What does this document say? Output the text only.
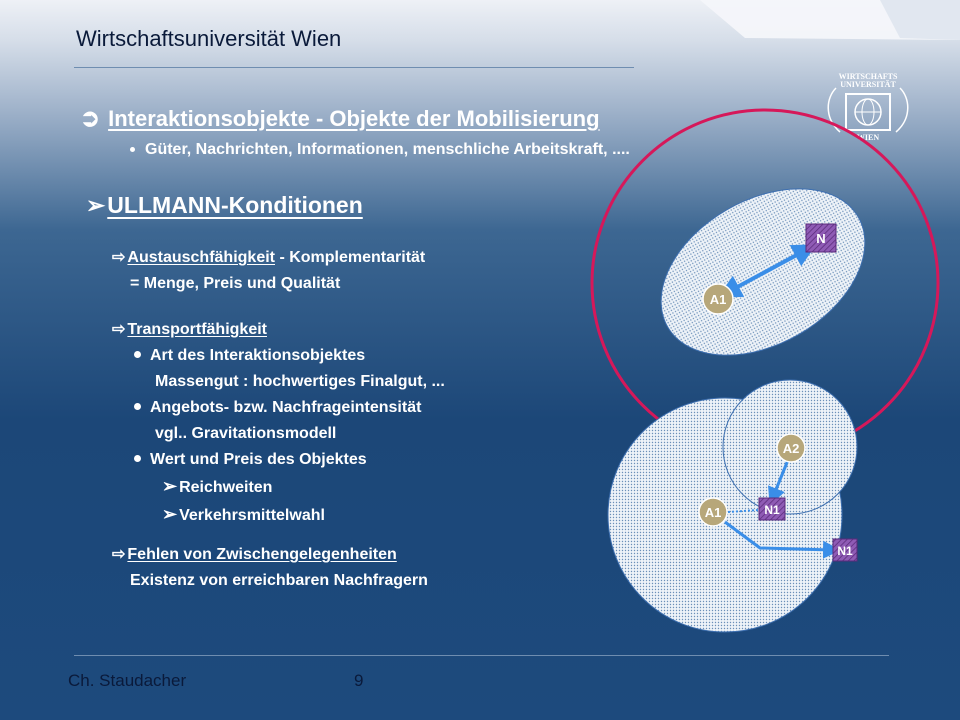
Wirtschaftsuniversität Wien
WIRTSCHAFTS
UNIVERSITÄT
WIEN
➲ Interaktionsobjekte - Objekte der Mobilisierung
Güter, Nachrichten, Informationen, menschliche Arbeitskraft, ....
➢ULLMANN-Konditionen
⇨ Austauschfähigkeit - Komplementarität
= Menge, Preis und Qualität
⇨ Transportfähigkeit
Art des Interaktionsobjektes
Massengut : hochwertiges Finalgut, ...
Angebots- bzw. Nachfrageintensität
vgl.. Gravitationsmodell
Wert und Preis des Objektes
➢ Reichweiten
➢ Verkehrsmittelwahl
⇨ Fehlen von Zwischengelegenheiten
Existenz von erreichbaren Nachfragern
A1
N
A2
A1	N1
N1
Ch. Staudacher	9
